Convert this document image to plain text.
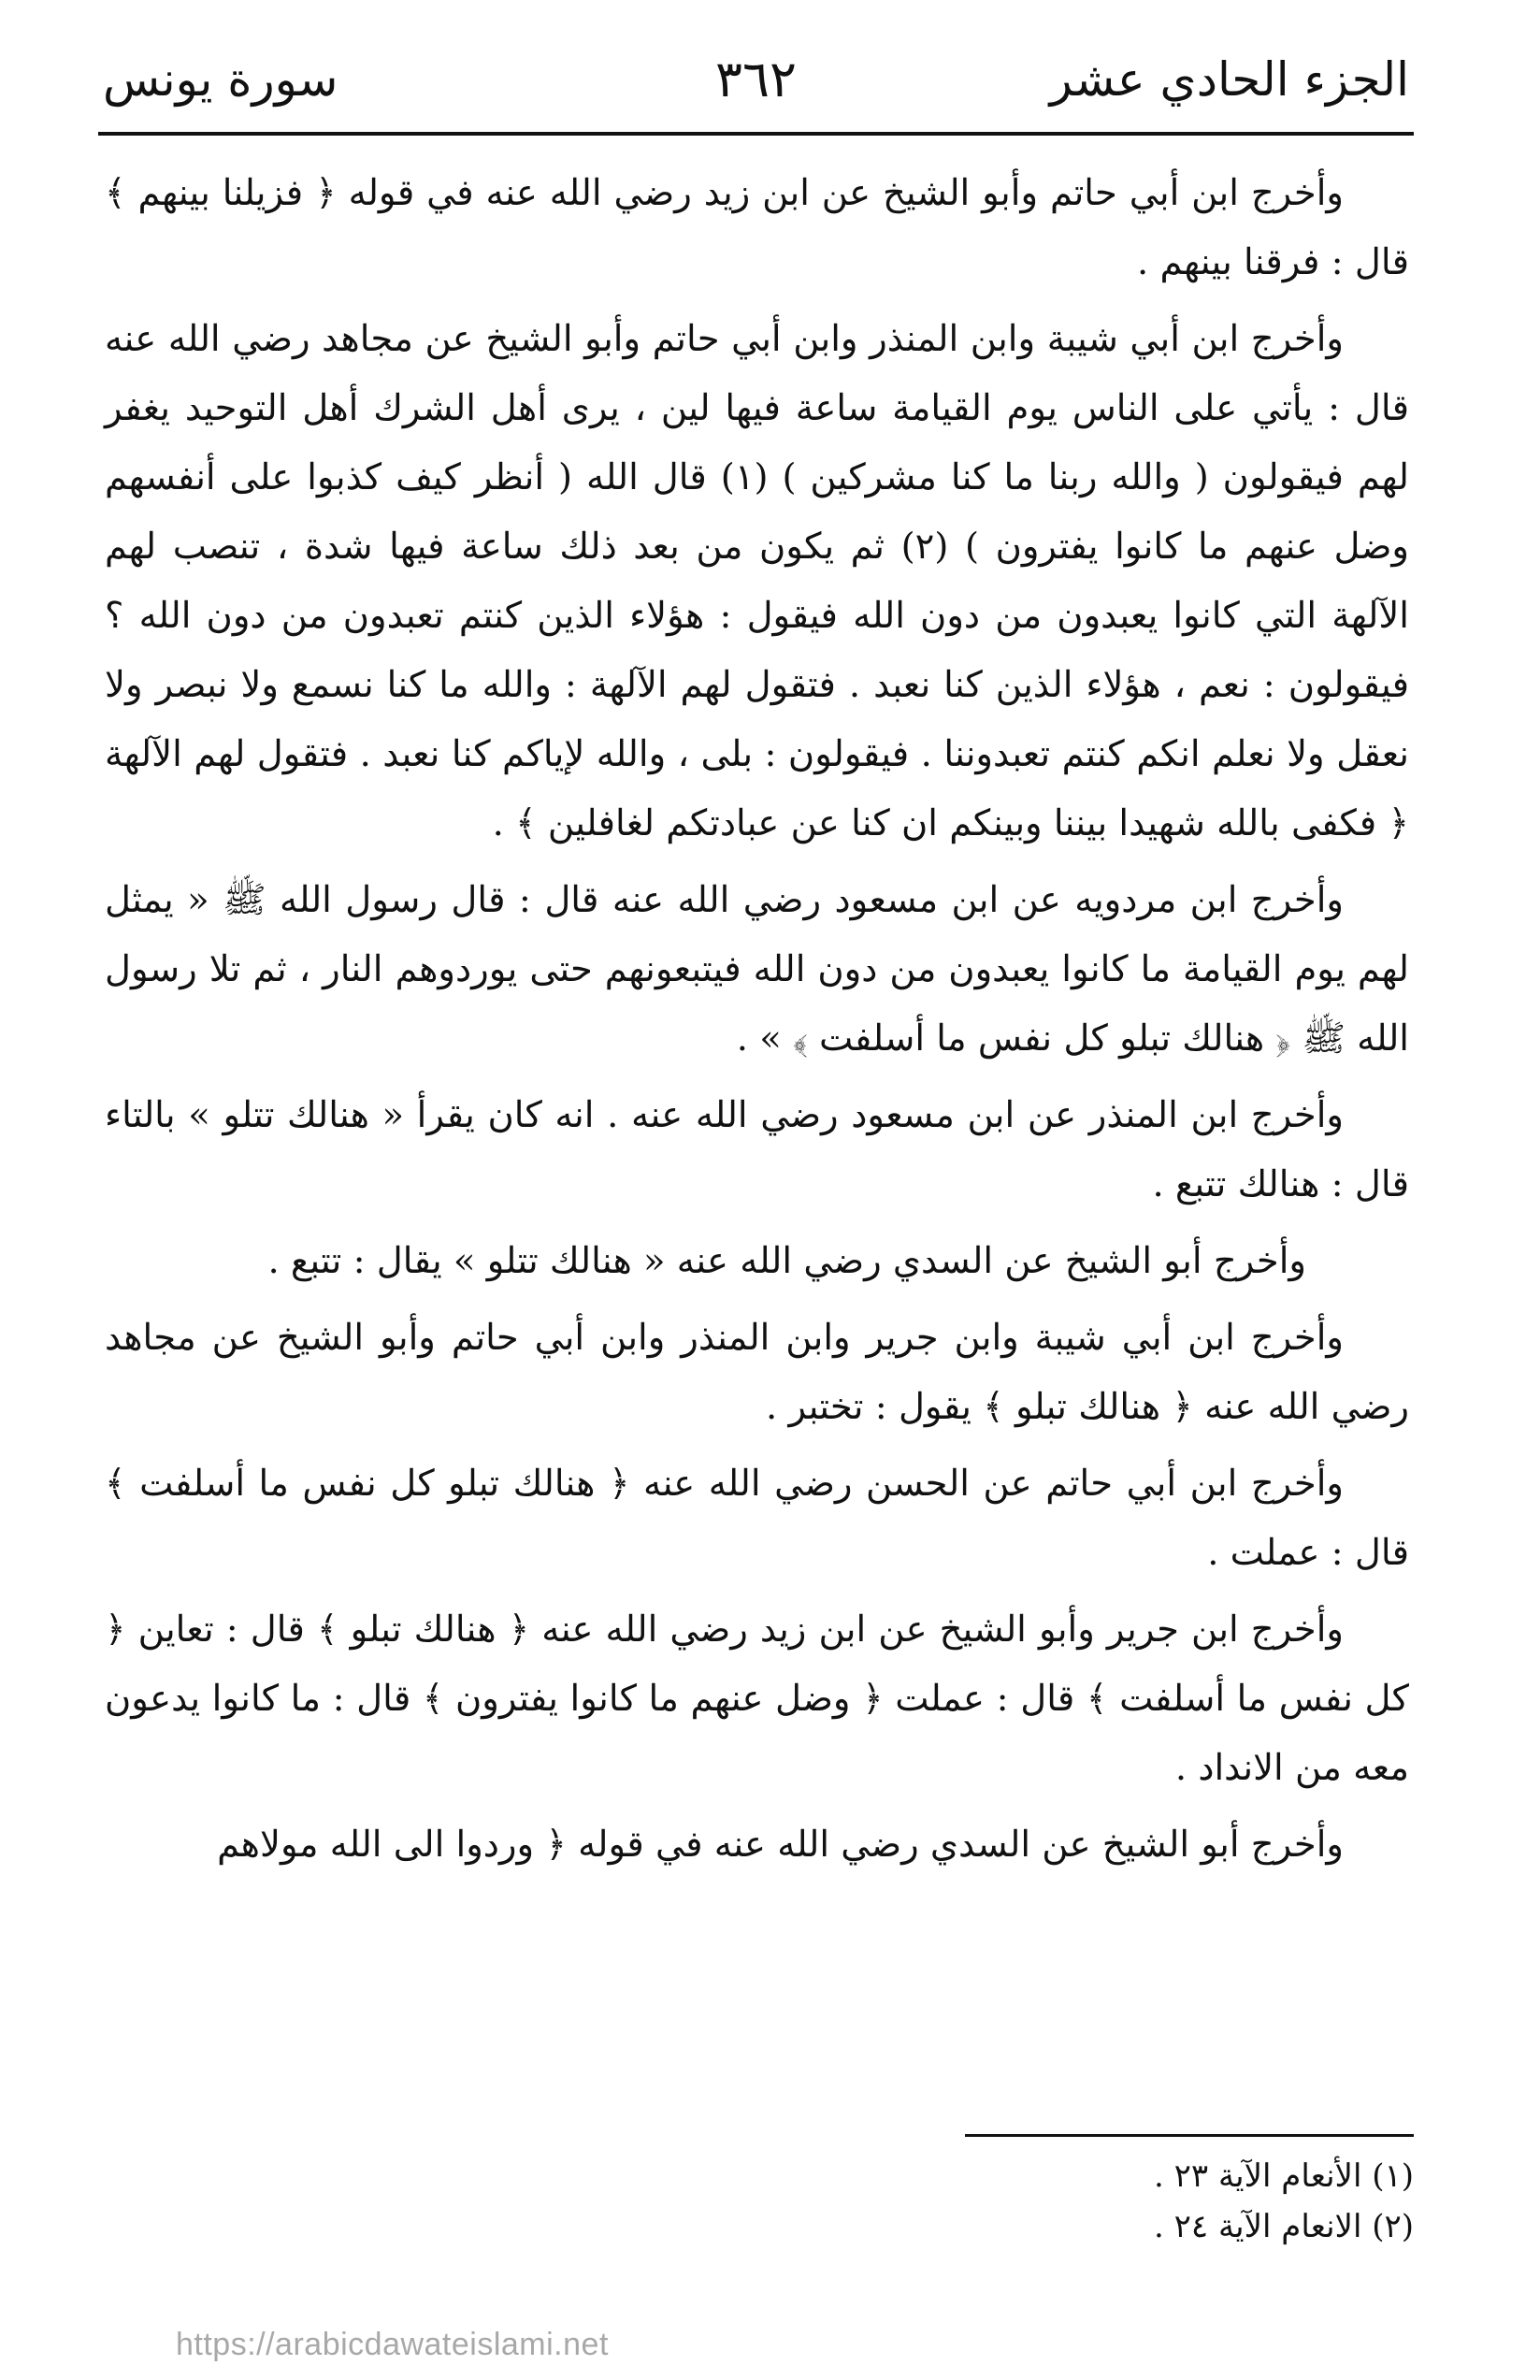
الجزء الحادي عشر
٣٦٢
سورة يونس

وأخرج ابن أبي حاتم وأبو الشيخ عن ابن زيد رضي الله عنه في قوله ﴿ فزيلنا بينهم ﴾ قال : فرقنا بينهم .

وأخرج ابن أبي شيبة وابن المنذر وابن أبي حاتم وأبو الشيخ عن مجاهد رضي الله عنه قال : يأتي على الناس يوم القيامة ساعة فيها لين ، يرى أهل الشرك أهل التوحيد يغفر لهم فيقولون ( والله ربنا ما كنا مشركين ) (١) قال الله ( أنظر كيف كذبوا على أنفسهم وضل عنهم ما كانوا يفترون ) (٢) ثم يكون من بعد ذلك ساعة فيها شدة ، تنصب لهم الآلهة التي كانوا يعبدون من دون الله فيقول : هؤلاء الذين كنتم تعبدون من دون الله ؟ فيقولون : نعم ، هؤلاء الذين كنا نعبد . فتقول لهم الآلهة : والله ما كنا نسمع ولا نبصر ولا نعقل ولا نعلم انكم كنتم تعبدوننا . فيقولون : بلى ، والله لإياكم كنا نعبد . فتقول لهم الآلهة ﴿ فكفى بالله شهيدا بيننا وبينكم ان كنا عن عبادتكم لغافلين ﴾ .

وأخرج ابن مردويه عن ابن مسعود رضي الله عنه قال : قال رسول الله ﷺ « يمثل لهم يوم القيامة ما كانوا يعبدون من دون الله فيتبعونهم حتى يوردوهم النار ، ثم تلا رسول الله ﷺ ﴿ هنالك تبلو كل نفس ما أسلفت ﴾ » .

وأخرج ابن المنذر عن ابن مسعود رضي الله عنه . انه كان يقرأ « هنالك تتلو » بالتاء قال : هنالك تتبع .

وأخرج أبو الشيخ عن السدي رضي الله عنه « هنالك تتلو » يقال : تتبع .

وأخرج ابن أبي شيبة وابن جرير وابن المنذر وابن أبي حاتم وأبو الشيخ عن مجاهد رضي الله عنه ﴿ هنالك تبلو ﴾ يقول : تختبر .

وأخرج ابن أبي حاتم عن الحسن رضي الله عنه ﴿ هنالك تبلو كل نفس ما أسلفت ﴾ قال : عملت .

وأخرج ابن جرير وأبو الشيخ عن ابن زيد رضي الله عنه ﴿ هنالك تبلو ﴾ قال : تعاين ﴿ كل نفس ما أسلفت ﴾ قال : عملت ﴿ وضل عنهم ما كانوا يفترون ﴾ قال : ما كانوا يدعون معه من الانداد .

وأخرج أبو الشيخ عن السدي رضي الله عنه في قوله ﴿ وردوا الى الله مولاهم

(١) الأنعام الآية ٢٣ .

(٢) الانعام الآية ٢٤ .

https://arabicdawateislami.net
